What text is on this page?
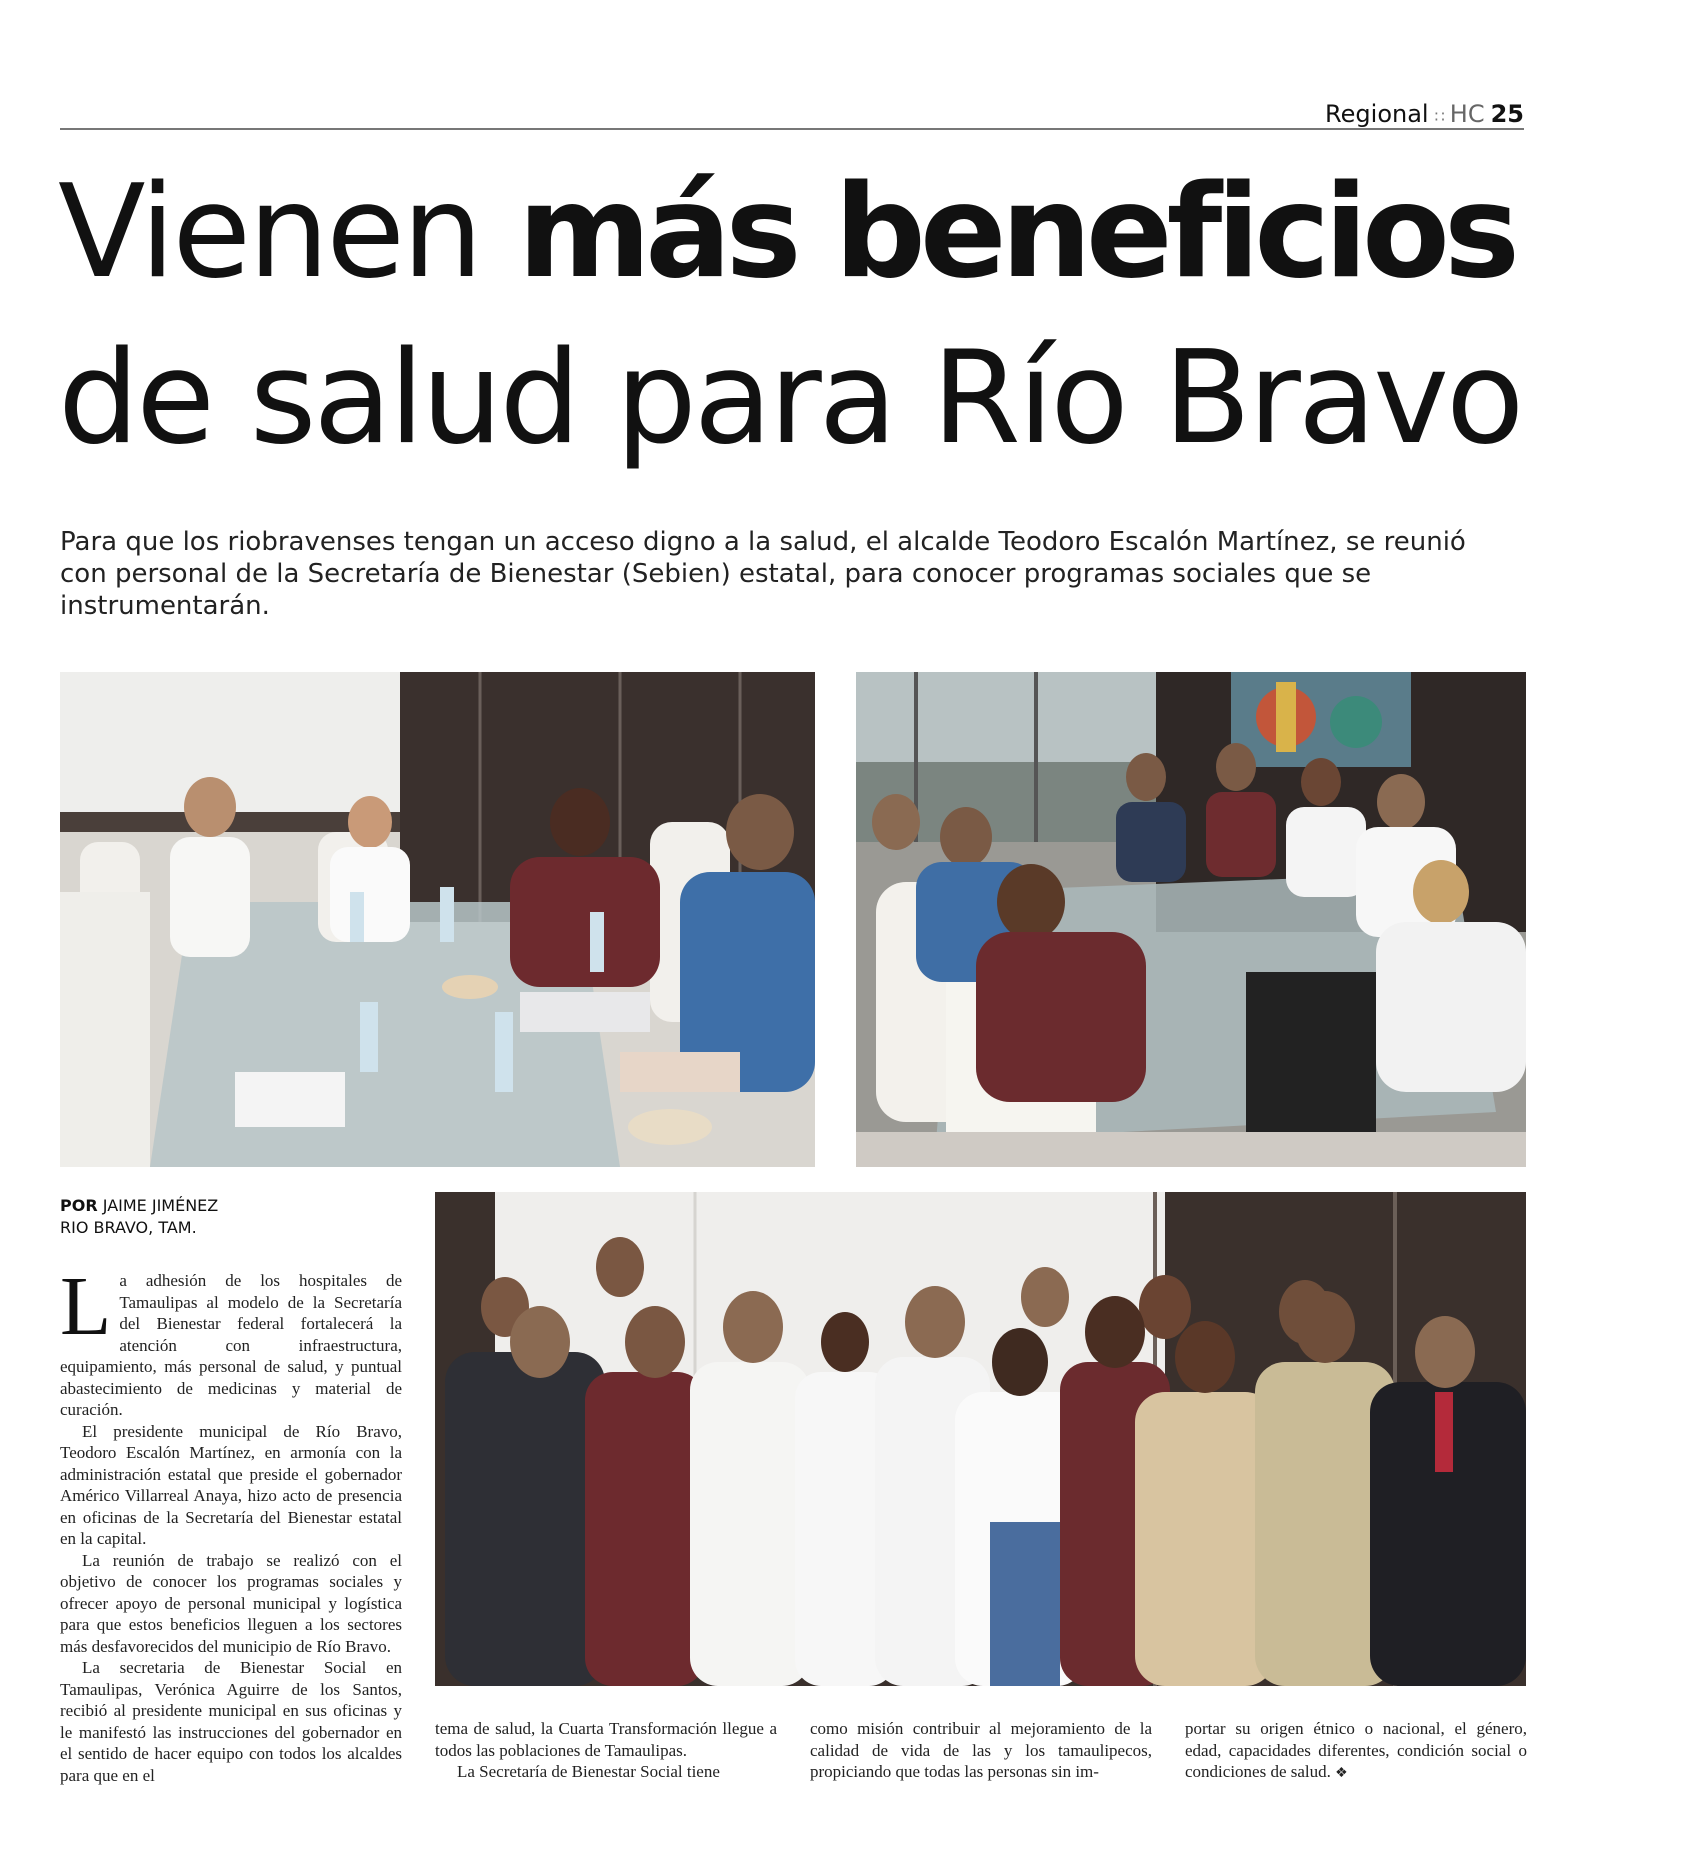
Regional ∷ HC 25
Vienen más beneficios
de salud para Río Bravo
Para que los riobravenses tengan un acceso digno a la salud, el alcalde Teodoro Escalón Martínez, se reunió con personal de la Secretaría de Bienestar (Sebien) estatal, para conocer programas sociales que se instrumentarán.
POR JAIME JIMÉNEZ
RIO BRAVO, TAM.

La adhesión de los hospitales de Tamaulipas al modelo de la Secretaría del Bienestar federal fortalecerá la atención con infraestructura, equipamiento, más personal de salud, y puntual abastecimiento de medicinas y material de curación.

El presidente municipal de Río Bravo, Teodoro Escalón Martínez, en armonía con la administración estatal que preside el gobernador Américo Villarreal Anaya, hizo acto de presencia en oficinas de la Secretaría del Bienestar estatal en la capital.

La reunión de trabajo se realizó con el objetivo de conocer los programas sociales y ofrecer apoyo de personal municipal y logística para que estos beneficios lleguen a los sectores más desfavorecidos del municipio de Río Bravo.

La secretaria de Bienestar Social en Tamaulipas, Verónica Aguirre de los Santos, recibió al presidente municipal en sus oficinas y le manifestó las instrucciones del gobernador en el sentido de hacer equipo con todos los alcaldes para que en el

tema de salud, la Cuarta Transformación llegue a todos las poblaciones de Tamaulipas.

La Secretaría de Bienestar Social tiene

como misión contribuir al mejoramiento de la calidad de vida de las y los tamaulipecos, propiciando que todas las personas sin im-

portar su origen étnico o nacional, el género, edad, capacidades diferentes, condición social o condiciones de salud. ❖
